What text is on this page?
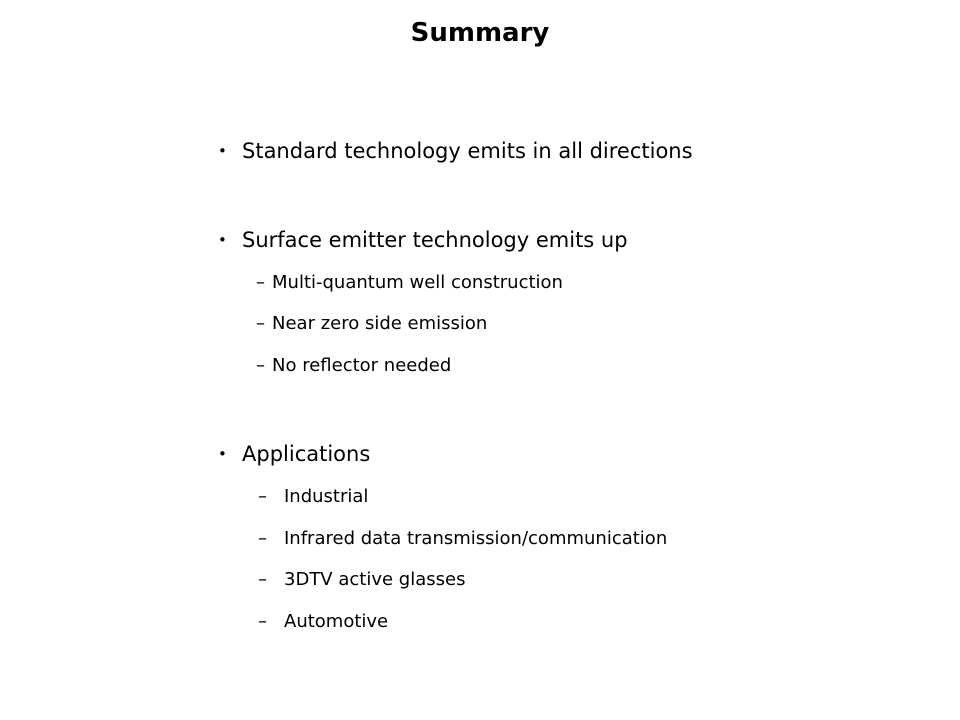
Summary
• Standard technology emits in all directions
• Surface emitter technology emits up
– Multi-quantum well construction
– Near zero side emission
– No reflector needed
• Applications
– Industrial
– Infrared data transmission/communication
– 3DTV active glasses
– Automotive
